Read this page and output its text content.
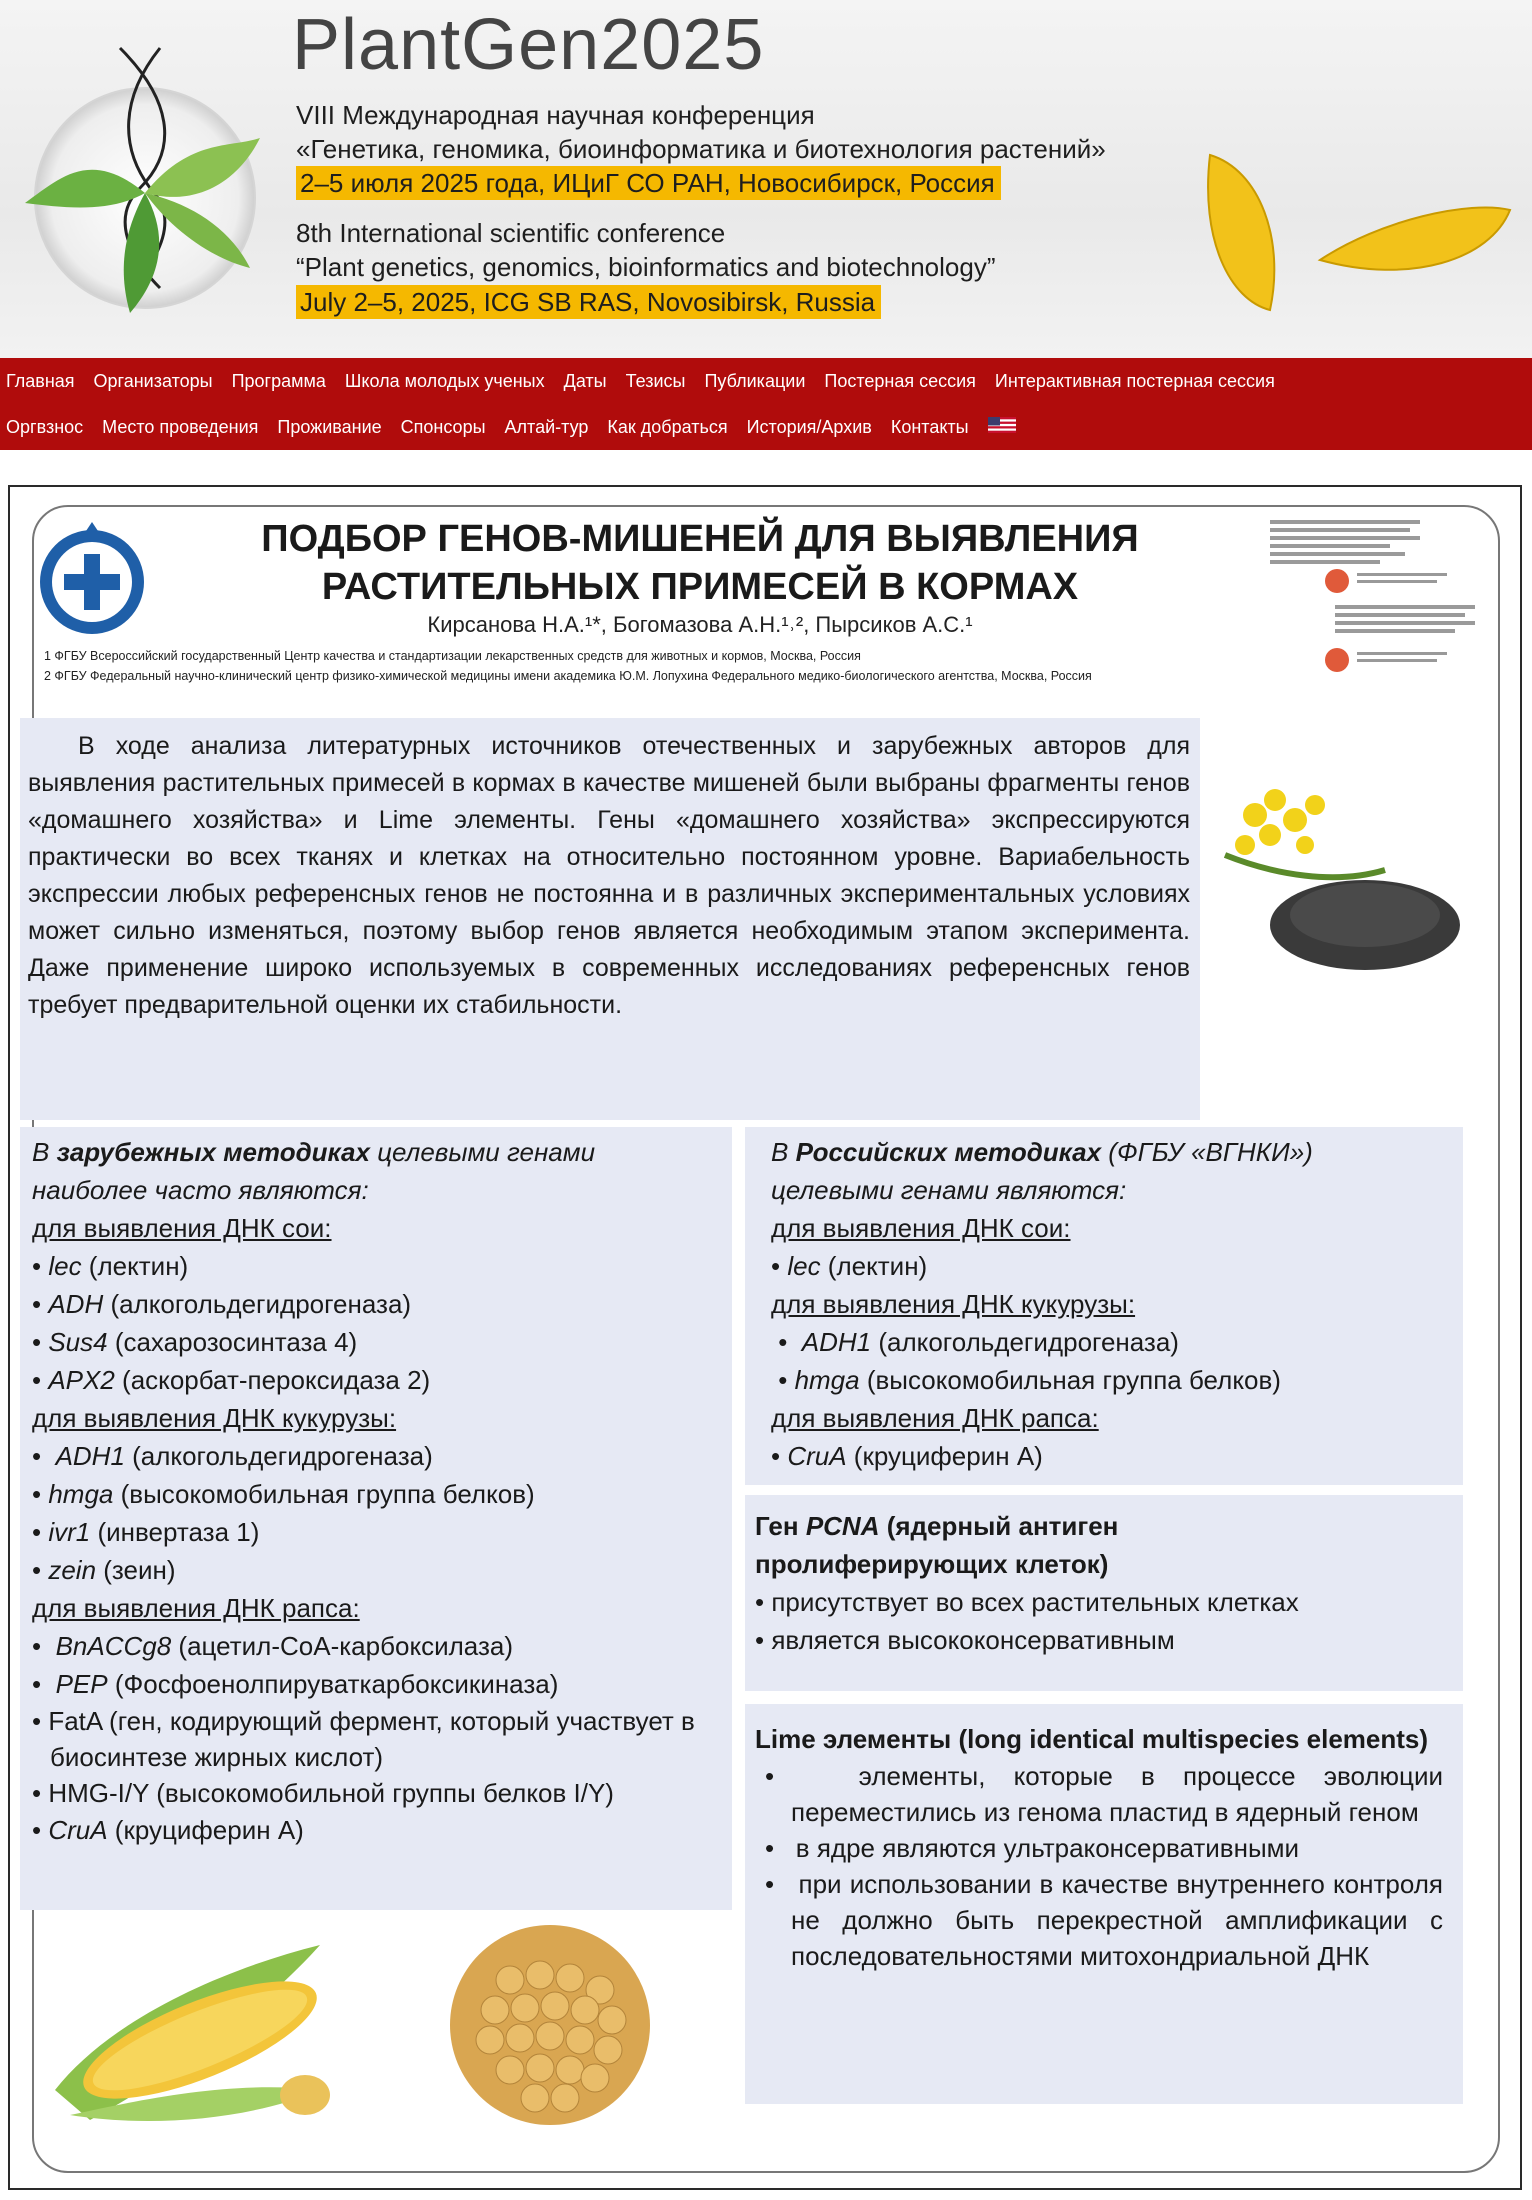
PlantGen2025
VIII Международная научная конференция
«Генетика, геномика, биоинформатика и биотехнология растений»
2–5 июля 2025 года, ИЦиГ СО РАН, Новосибирск, Россия
8th International scientific conference
“Plant genetics, genomics, bioinformatics and biotechnology”
July 2–5, 2025, ICG SB RAS, Novosibirsk, Russia
Главная Организаторы Программа Школа молодых ученых Даты Тезисы Публикации Постерная сессия Интерактивная постерная сессия
Оргвзнос Место проведения Проживание Спонсоры Алтай-тур Как добраться История/Архив Контакты
ПОДБОР ГЕНОВ-МИШЕНЕЙ ДЛЯ ВЫЯВЛЕНИЯ
РАСТИТЕЛЬНЫХ ПРИМЕСЕЙ В КОРМАХ
Кирсанова Н.А.¹*, Богомазова А.Н.¹˒², Пырсиков А.С.¹
1 ФГБУ Всероссийский государственный Центр качества и стандартизации лекарственных средств для животных и кормов, Москва, Россия
2 ФГБУ Федеральный научно-клинический центр физико-химической медицины имени академика Ю.М. Лопухина Федерального медико-биологического агентства, Москва, Россия

В ходе анализа литературных источников отечественных и зарубежных авторов для выявления растительных примесей в кормах в качестве мишеней были выбраны фрагменты генов «домашнего хозяйства» и Lime элементы. Гены «домашнего хозяйства» экспрессируются практически во всех тканях и клетках на относительно постоянном уровне. Вариабельность экспрессии любых референсных генов не постоянна и в различных экспериментальных условиях может сильно изменяться, поэтому выбор генов является необходимым этапом эксперимента. Даже применение широко используемых в современных исследованиях референсных генов требует предварительной оценки их стабильности.

В зарубежных методиках целевыми генами
наиболее часто являются:
для выявления ДНК сои:
• lec (лектин)
• ADH (алкогольдегидрогеназа)
• Sus4 (сахарозосинтаза 4)
• APX2 (аскорбат-пероксидаза 2)
для выявления ДНК кукурузы:
•  ADH1 (алкогольдегидрогеназа)
• hmga (высокомобильная группа белков)
• ivr1 (инвертаза 1)
• zein (зеин)
для выявления ДНК рапса:
•  BnACCg8 (ацетил-CoA-карбоксилаза)
•  PEP (Фосфоенолпируваткарбоксикиназа)
• FatA (ген, кодирующий фермент, который участвует в биосинтезе жирных кислот)
• HMG-I/Y (высокомобильной группы белков I/Y)
• CruA (круциферин А)
В Российских методиках (ФГБУ «ВГНКИ»)
целевыми генами являются:
для выявления ДНК сои:
• lec (лектин)
для выявления ДНК кукурузы:
•  ADH1 (алкогольдегидрогеназа)
• hmga (высокомобильная группа белков)
для выявления ДНК рапса:
• CruA (круциферин А)
Ген PCNA (ядерный антиген
пролиферирующих клеток)
• присутствует во всех растительных клетках
• является высококонсервативным
Lime элементы (long identical multispecies elements)
•   элементы, которые в процессе эволюции переместились из генома пластид в ядерный геном
•   в ядре являются ультраконсервативными
•   при использовании в качестве внутреннего контроля не должно быть перекрестной амплификации с последовательностями митохондриальной ДНК
